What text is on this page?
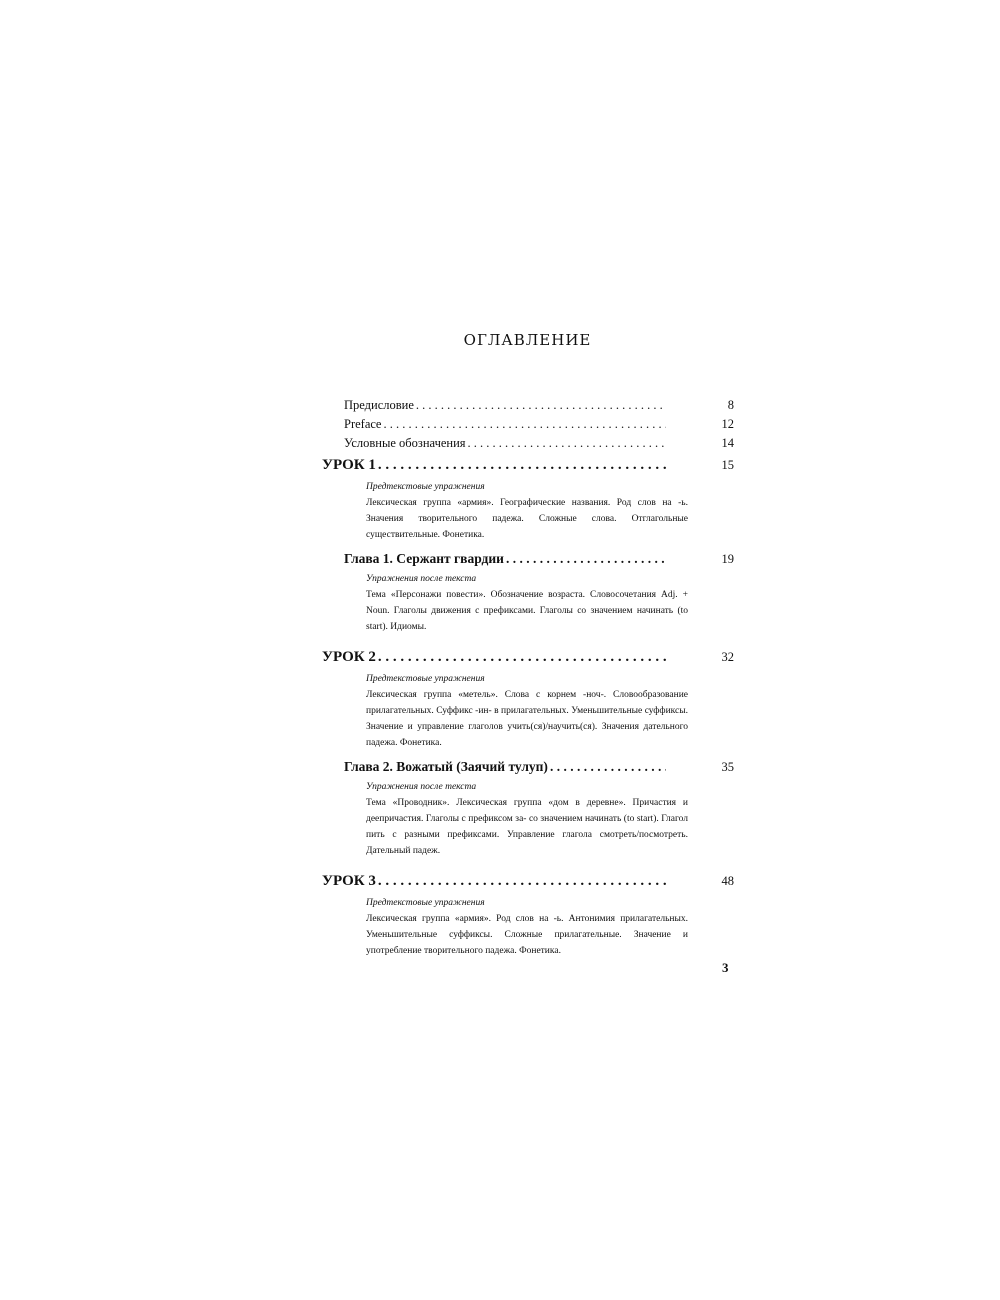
оглавление
Предисловие . . .	8
Preface . . .	12
Условные обозначения . . .	14
УРОК 1 . . .	15
Предтекстовые упражнения
Лексическая группа «армия». Географические названия. Род слов на -ь. Значения творительного падежа. Сложные слова. Отглагольные существительные. Фонетика.
Глава 1. Сержант гвардии . . .	19
Упражнения после текста
Тема «Персонажи повести». Обозначение возраста. Словосочетания Adj. + Noun. Глаголы движения с префиксами. Глаголы со значением начинать (to start). Идиомы.
УРОК 2 . . .	32
Предтекстовые упражнения
Лексическая группа «метель». Слова с корнем -ноч-. Словообразование прилагательных. Суффикс -ин- в прилагательных. Уменьшительные суффиксы. Значение и управление глаголов учить(ся)/научить(ся). Значения дательного падежа. Фонетика.
Глава 2. Вожатый (Заячий тулуп) . . .	35
Упражнения после текста
Тема «Проводник». Лексическая группа «дом в деревне». Причастия и деепричастия. Глаголы с префиксом за- со значением начинать (to start). Глагол пить с разными префиксами. Управление глагола смотреть/посмотреть. Дательный падеж.
УРОК 3 . . .	48
Предтекстовые упражнения
Лексическая группа «армия». Род слов на -ь. Антонимия прилагательных. Уменьшительные суффиксы. Сложные прилагательные. Значение и употребление творительного падежа. Фонетика.
3
